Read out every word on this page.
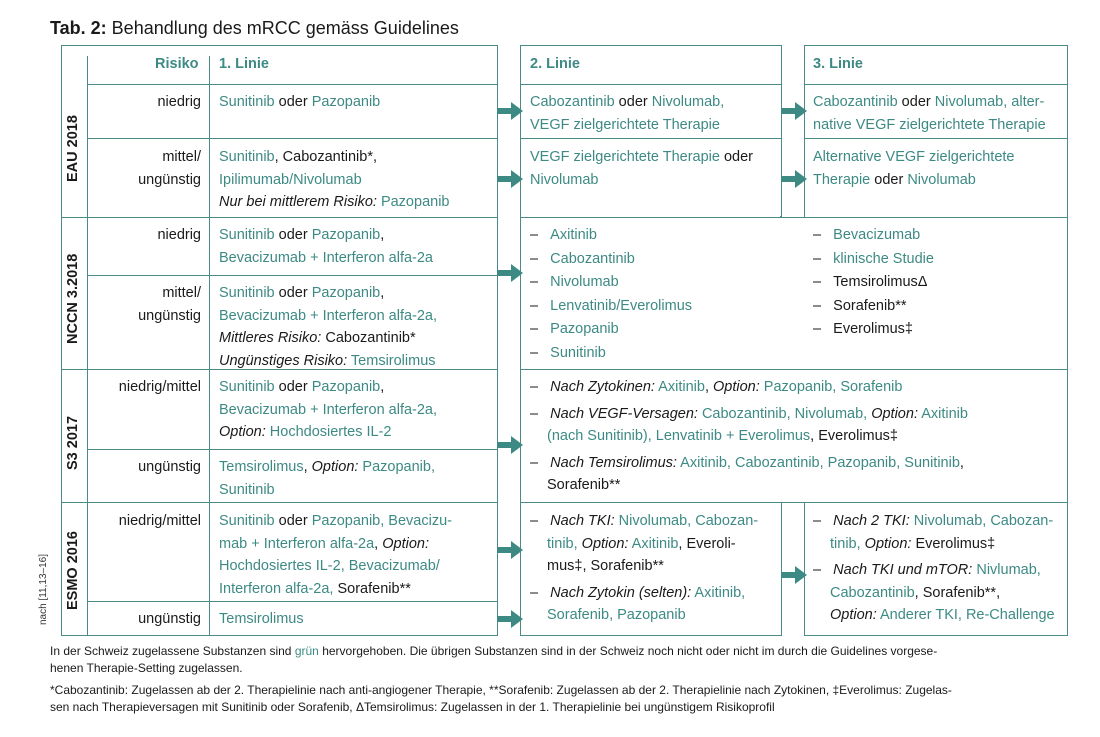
Tab. 2: Behandlung des mRCC gemäss Guidelines
Risiko 1. Linie	2. Linie	3. Linie
EAU 2018
NCCN 3.2018
S3 2017
ESMO 2016
niedrig
mittel/
ungünstig
niedrig
mittel/
ungünstig
niedrig/mittel
ungünstig
niedrig/mittel
ungünstig
Sunitinib oder Pazopanib
Sunitinib, Cabozantinib*,
Ipilimumab/Nivolumab
Nur bei mittlerem Risiko: Pazopanib
Cabozantinib oder Nivolumab,
VEGF zielgerichtete Therapie
VEGF zielgerichtete Therapie oder
Nivolumab
Cabozantinib oder Nivolumab, alter-
native VEGF zielgerichtete Therapie
Alternative VEGF zielgerichtete
Therapie oder Nivolumab
Sunitinib oder Pazopanib,
Bevacizumab + Interferon alfa-2a
Sunitinib oder Pazopanib,
Bevacizumab + Interferon alfa-2a,
Mittleres Risiko: Cabozantinib*
Ungünstiges Risiko: Temsirolimus
– Axitinib
– Cabozantinib
– Nivolumab
– Lenvatinib/Everolimus
– Pazopanib
– Sunitinib
– Bevacizumab
– klinische Studie
– TemsirolimusΔ
– Sorafenib**
– Everolimus‡
Sunitinib oder Pazopanib,
Bevacizumab + Interferon alfa-2a,
Option: Hochdosiertes IL-2
Temsirolimus, Option: Pazopanib,
Sunitinib
– Nach Zytokinen: Axitinib, Option: Pazopanib, Sorafenib
– Nach VEGF-Versagen: Cabozantinib, Nivolumab, Option: Axitinib
(nach Sunitinib), Lenvatinib + Everolimus, Everolimus‡
– Nach Temsirolimus: Axitinib, Cabozantinib, Pazopanib, Sunitinib,
Sorafenib**
Sunitinib oder Pazopanib, Bevacizu-
mab + Interferon alfa-2a, Option:
Hochdosiertes IL-2, Bevacizumab/
Interferon alfa-2a, Sorafenib**
Temsirolimus
– Nach TKI: Nivolumab, Cabozan-
tinib, Option: Axitinib, Everoli-
mus‡, Sorafenib**
– Nach Zytokin (selten): Axitinib,
Sorafenib, Pazopanib
– Nach 2 TKI: Nivolumab, Cabozan-
tinib, Option: Everolimus‡
– Nach TKI und mTOR: Nivlumab,
Cabozantinib, Sorafenib**,
Option: Anderer TKI, Re-Challenge
nach [11,13–16]
In der Schweiz zugelassene Substanzen sind grün hervorgehoben. Die übrigen Substanzen sind in der Schweiz noch nicht oder nicht im durch die Guidelines vorgese-
henen Therapie-Setting zugelassen.
*Cabozantinib: Zugelassen ab der 2. Therapielinie nach anti-angiogener Therapie, **Sorafenib: Zugelassen ab der 2. Therapielinie nach Zytokinen, ‡Everolimus: Zugelas-
sen nach Therapieversagen mit Sunitinib oder Sorafenib, ΔTemsirolimus: Zugelassen in der 1. Therapielinie bei ungünstigem Risikoprofil
